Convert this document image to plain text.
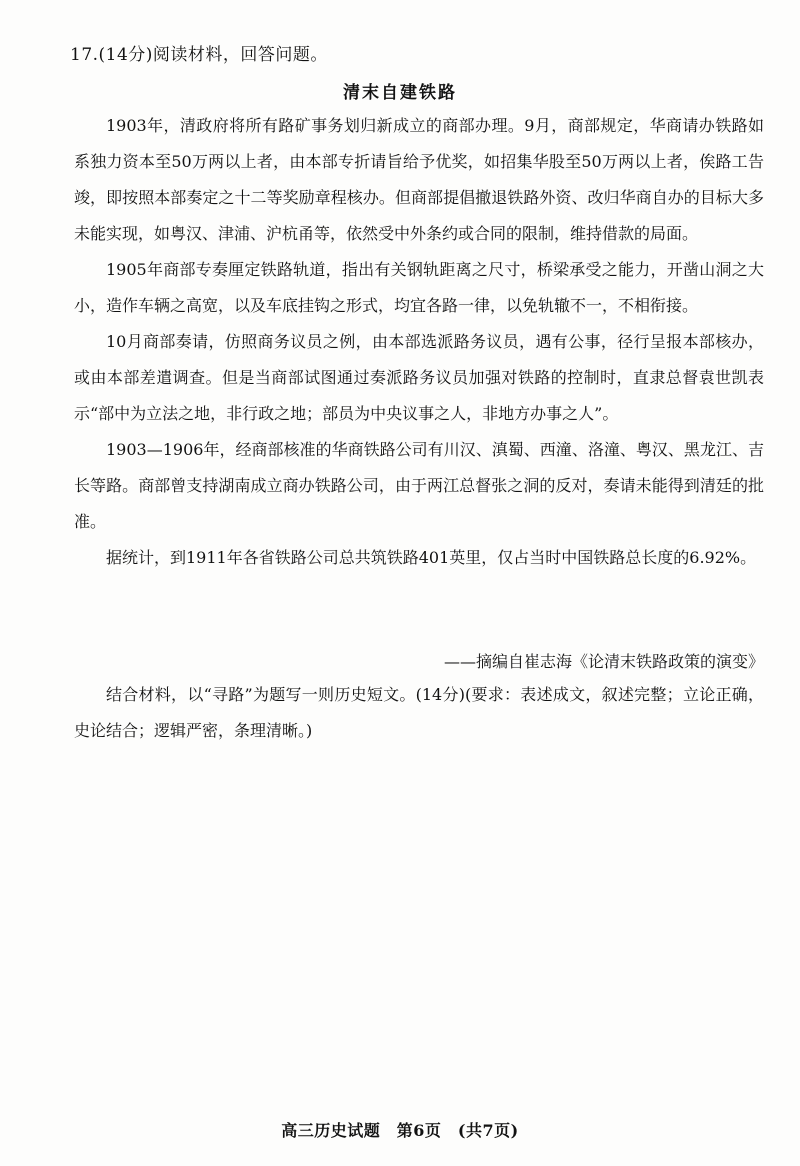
17.(14分)阅读材料，回答问题。
清末自建铁路

1903年，清政府将所有路矿事务划归新成立的商部办理。9月，商部规定，华商请办铁路如系独力资本至50万两以上者，由本部专折请旨给予优奖，如招集华股至50万两以上者，俟路工告竣，即按照本部奏定之十二等奖励章程核办。但商部提倡撤退铁路外资、改归华商自办的目标大多未能实现，如粤汉、津浦、沪杭甬等，依然受中外条约或合同的限制，维持借款的局面。

1905年商部专奏厘定铁路轨道，指出有关钢轨距离之尺寸，桥梁承受之能力，开凿山洞之大小，造作车辆之高宽，以及车底挂钩之形式，均宜各路一律，以免轨辙不一，不相衔接。

10月商部奏请，仿照商务议员之例，由本部选派路务议员，遇有公事，径行呈报本部核办，或由本部差遣调查。但是当商部试图通过奏派路务议员加强对铁路的控制时，直隶总督袁世凯表示“部中为立法之地，非行政之地；部员为中央议事之人，非地方办事之人”。

1903—1906年，经商部核准的华商铁路公司有川汉、滇蜀、西潼、洛潼、粤汉、黑龙江、吉长等路。商部曾支持湖南成立商办铁路公司，由于两江总督张之洞的反对，奏请未能得到清廷的批准。

据统计，到1911年各省铁路公司总共筑铁路401英里，仅占当时中国铁路总长度的6.92%。

——摘编自崔志海《论清末铁路政策的演变》

结合材料，以“寻路”为题写一则历史短文。(14分)(要求：表述成文，叙述完整；立论正确，史论结合；逻辑严密，条理清晰。)

高三历史试题　第6页　(共7页)
